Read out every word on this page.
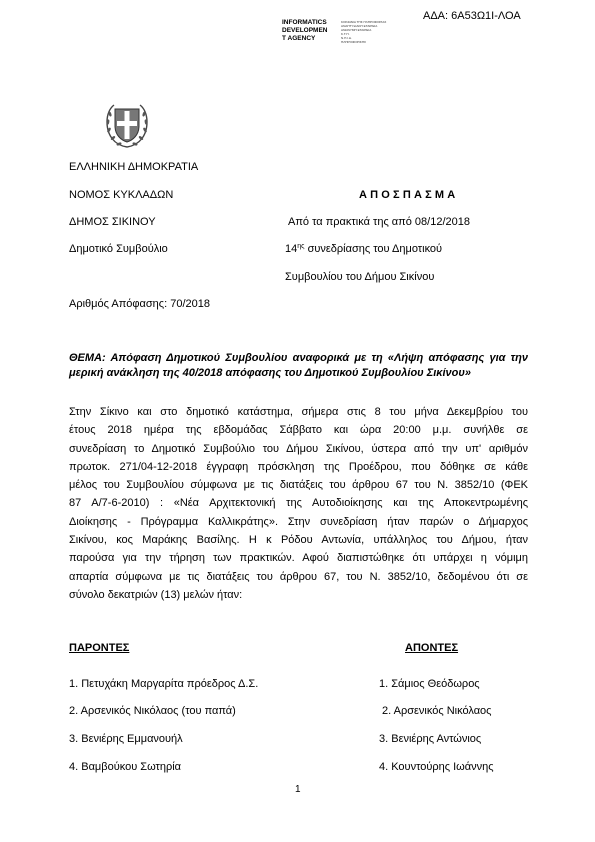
ΑΔΑ: 6Α53Ω1Ι-ΛΟΑ
INFORMATICS
DEVELOPMEN
T AGENCY
ΚΟΙΝΩΝΙΑ ΤΗΣ ΠΛΗΡΟΦΟΡΙΑΣ
ΑΝΑΠΤΥΞΙΑΚΗ ΕΤΑΙΡΕΙΑ
ΑΝΩΝΥΜΗ ΕΤΑΙΡΕΙΑ
Κ.Τ.Π.
Ν.Π.Ι.Δ.
ΠΛΗΡΟΦΟΡΙΚΗΣ
ΕΛΛΗΝΙΚΗ ΔΗΜΟΚΡΑΤΙΑ
ΝΟΜΟΣ ΚΥΚΛΑΔΩΝ
ΔΗΜΟΣ ΣΙΚΙΝΟΥ
Δημοτικό Συμβούλιο
Αριθμός Απόφασης: 70/2018
ΑΠΟΣΠΑΣΜΑ
Από τα πρακτικά της από 08/12/2018
$14^{\eta\varsigma}$ συνεδρίασης του Δημοτικού
Συμβουλίου του Δήμου Σικίνου
ΘΕΜΑ: Απόφαση Δημοτικού Συμβουλίου αναφορικά με τη «Λήψη απόφασης για την μερική ανάκληση της 40/2018 απόφασης του Δημοτικού Συμβουλίου Σικίνου»
Στην Σίκινο και στο δημοτικό κατάστημα, σήμερα στις 8 του μήνα Δεκεμβρίου του
έτους 2018 ημέρα της εβδομάδας Σάββατο και ώρα 20:00 μ.μ. συνήλθε σε
συνεδρίαση το Δημοτικό Συμβούλιο του Δήμου Σικίνου, ύστερα από την υπ' αριθμόν
πρωτοκ. 271/04-12-2018 έγγραφη πρόσκληση της Προέδρου, που δόθηκε σε κάθε
μέλος του Συμβουλίου σύμφωνα με τις διατάξεις του άρθρου 67 του Ν. 3852/10 (ΦΕΚ
87 Α/7-6-2010) : «Νέα Αρχιτεκτονική της Αυτοδιοίκησης και της Αποκεντρωμένης
Διοίκησης - Πρόγραμμα Καλλικράτης». Στην συνεδρίαση ήταν παρών ο Δήμαρχος
Σικίνου, κος Μαράκης Βασίλης. Η κ Ρόδου Αντωνία, υπάλληλος του Δήμου, ήταν
παρούσα για την τήρηση των πρακτικών. Αφού διαπιστώθηκε ότι υπάρχει η νόμιμη
απαρτία σύμφωνα με τις διατάξεις του άρθρου 67, του Ν. 3852/10, δεδομένου ότι σε
σύνολο δεκατριών (13) μελών ήταν:
ΠΑΡΟΝΤΕΣ	ΑΠΟΝΤΕΣ
1. Πετυχάκη Μαργαρίτα πρόεδρος Δ.Σ.
2. Αρσενικός Νικόλαος (του παπά)
3. Βενιέρης Εμμανουήλ
4. Βαμβούκου Σωτηρία
1. Σάμιος Θεόδωρος
2. Αρσενικός Νικόλαος
3. Βενιέρης Αντώνιος
4. Κουντούρης Ιωάννης
1
